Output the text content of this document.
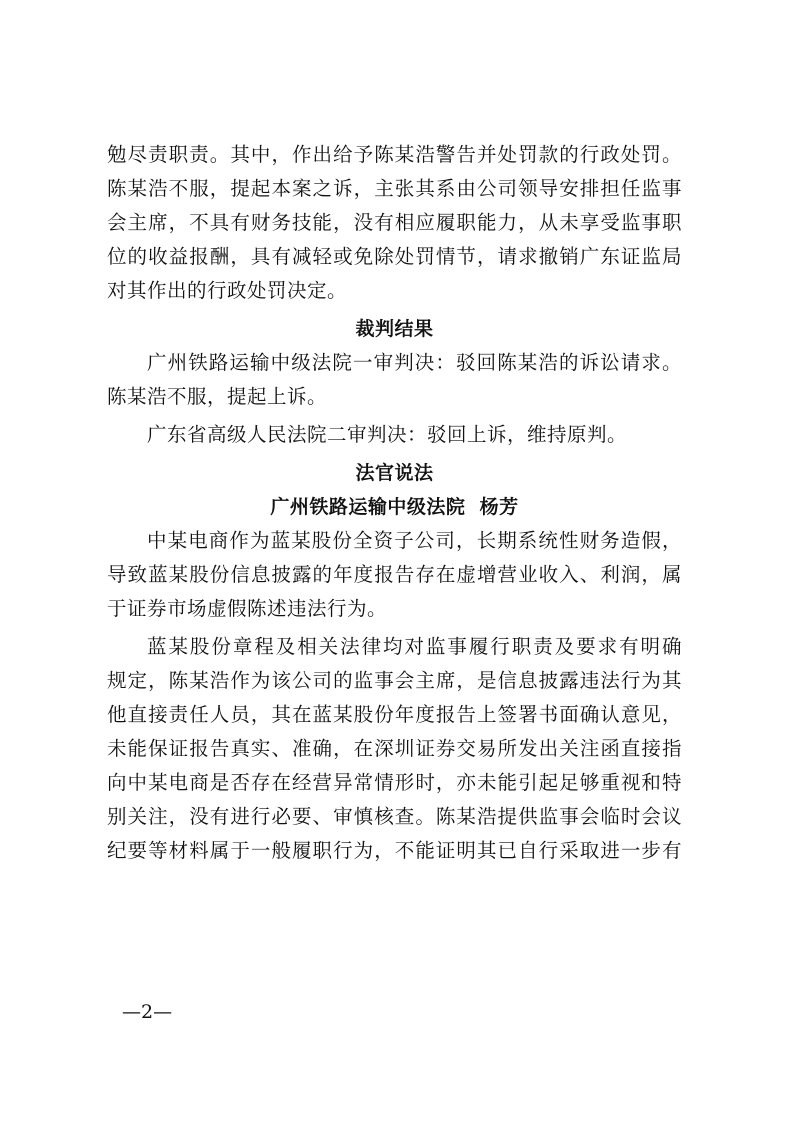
勉尽责职责。其中，作出给予陈某浩警告并处罚款的行政处罚。
陈某浩不服，提起本案之诉，主张其系由公司领导安排担任监事
会主席，不具有财务技能，没有相应履职能力，从未享受监事职
位的收益报酬，具有减轻或免除处罚情节，请求撤销广东证监局
对其作出的行政处罚决定。
裁判结果
广州铁路运输中级法院一审判决：驳回陈某浩的诉讼请求。
陈某浩不服，提起上诉。
广东省高级人民法院二审判决：驳回上诉，维持原判。
法官说法
广州铁路运输中级法院  杨芳
中某电商作为蓝某股份全资子公司，长期系统性财务造假，
导致蓝某股份信息披露的年度报告存在虚增营业收入、利润，属
于证券市场虚假陈述违法行为。
蓝某股份章程及相关法律均对监事履行职责及要求有明确
规定，陈某浩作为该公司的监事会主席，是信息披露违法行为其
他直接责任人员，其在蓝某股份年度报告上签署书面确认意见，
未能保证报告真实、准确，在深圳证券交易所发出关注函直接指
向中某电商是否存在经营异常情形时，亦未能引起足够重视和特
别关注，没有进行必要、审慎核查。陈某浩提供监事会临时会议
纪要等材料属于一般履职行为，不能证明其已自行采取进一步有
—2—
